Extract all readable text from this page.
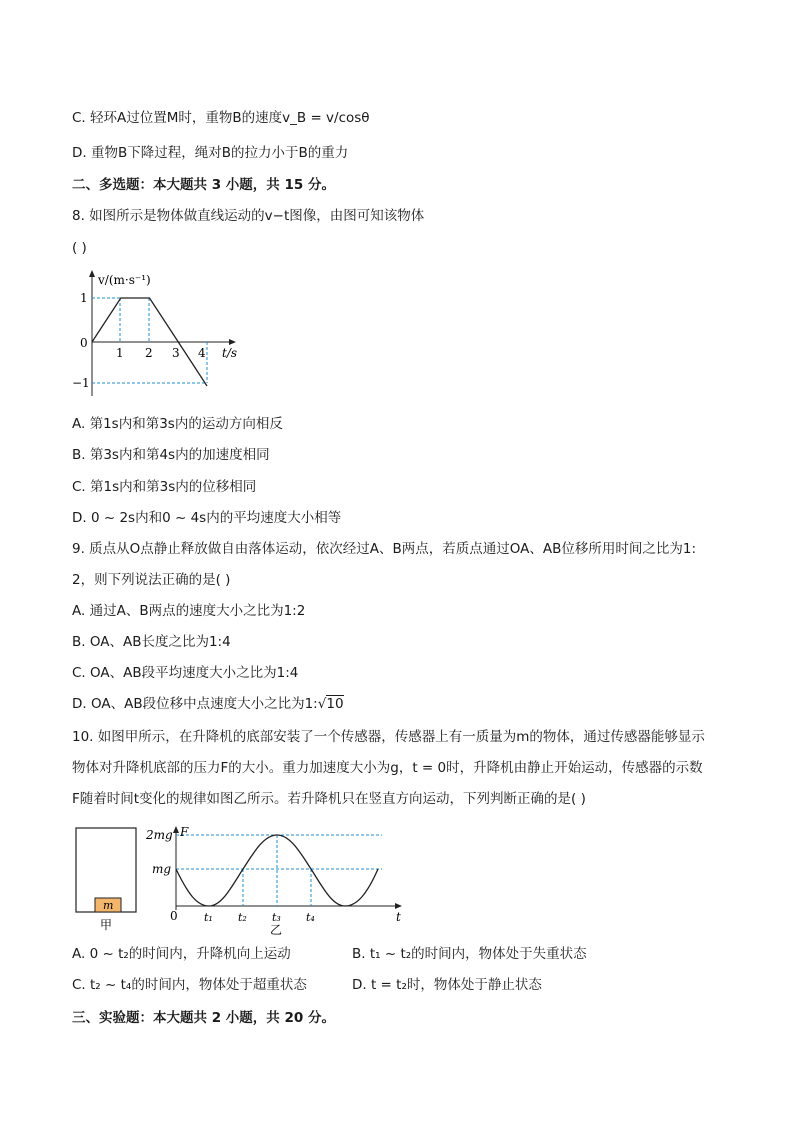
C. 轻环A过位置M时，重物B的速度v_B = v/cosθ
D. 重物B下降过程，绳对B的拉力小于B的重力
二、多选题：本大题共 3 小题，共 15 分。
8. 如图所示是物体做直线运动的v−t图像，由图可知该物体
( )
v/(m·s⁻¹)
1
0
−1
1 2 3 4 t/s
A. 第1s内和第3s内的运动方向相反
B. 第3s内和第4s内的加速度相同
C. 第1s内和第3s内的位移相同
D. 0 ~ 2s内和0 ~ 4s内的平均速度大小相等
9. 质点从O点静止释放做自由落体运动，依次经过A、B两点，若质点通过OA、AB位移所用时间之比为1:
2，则下列说法正确的是( )
A. 通过A、B两点的速度大小之比为1:2
B. OA、AB长度之比为1:4
C. OA、AB段平均速度大小之比为1:4
D. OA、AB段位移中点速度大小之比为1:√10
10. 如图甲所示，在升降机的底部安装了一个传感器，传感器上有一质量为m的物体，通过传感器能够显示
物体对升降机底部的压力F的大小。重力加速度大小为g，t = 0时，升降机由静止开始运动，传感器的示数
F随着时间t变化的规律如图乙所示。若升降机只在竖直方向运动，下列判断正确的是( )
m
甲
F
2mg
mg
0 t₁ t₂ t₃ t₄	t
乙
A. 0 ~ t₂的时间内，升降机向上运动	B. t₁ ~ t₂的时间内，物体处于失重状态
C. t₂ ~ t₄的时间内，物体处于超重状态	D. t = t₂时，物体处于静止状态
三、实验题：本大题共 2 小题，共 20 分。
